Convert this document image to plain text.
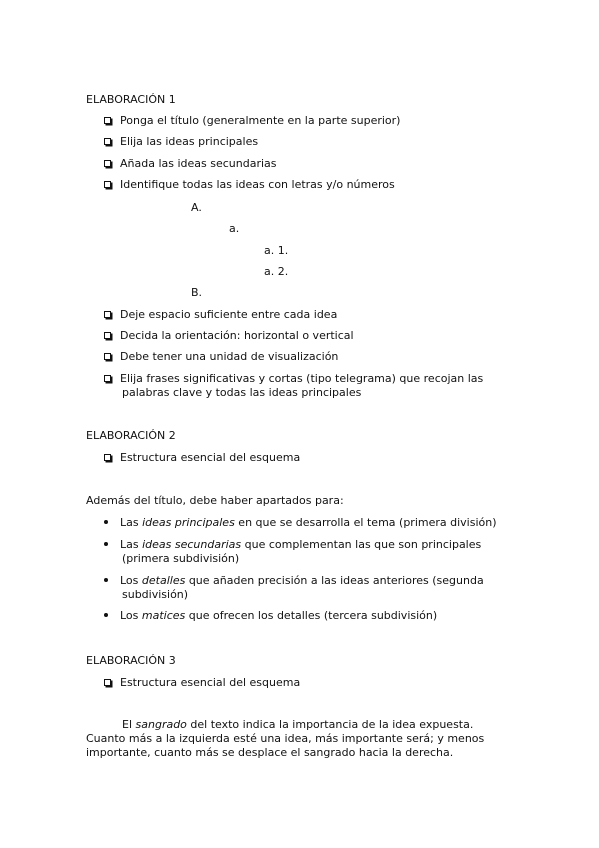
ELABORACIÓN 1
Ponga el título (generalmente en la parte superior)
Elija las ideas principales
Añada las ideas secundarias
Identifique todas las ideas con letras y/o números
A.
a.
a. 1.
a. 2.
B.
Deje espacio suficiente entre cada idea
Decida la orientación: horizontal o vertical
Debe tener una unidad de visualización
Elija frases significativas y cortas (tipo telegrama) que recojan las
palabras clave y todas las ideas principales
ELABORACIÓN 2
Estructura esencial del esquema
Además del título, debe haber apartados para:
Las ideas principales en que se desarrolla el tema (primera división)
Las ideas secundarias que complementan las que son principales
(primera subdivisión)
Los detalles que añaden precisión a las ideas anteriores (segunda
subdivisión)
Los matices que ofrecen los detalles (tercera subdivisión)
ELABORACIÓN 3
Estructura esencial del esquema
El sangrado del texto indica la importancia de la idea expuesta.
Cuanto más a la izquierda esté una idea, más importante será; y menos
importante, cuanto más se desplace el sangrado hacia la derecha.
